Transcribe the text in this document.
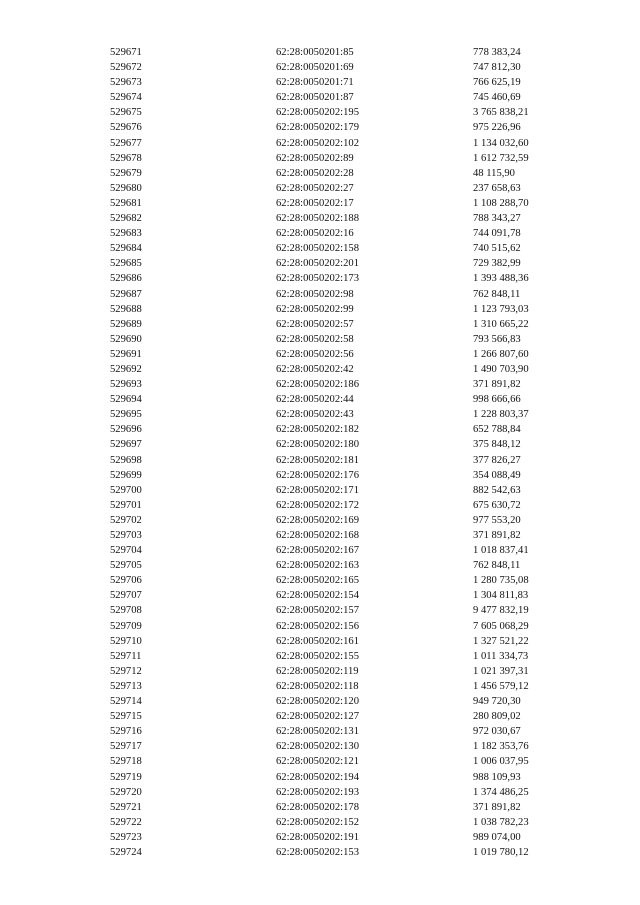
529671	62:28:0050201:85	778 383,24
529672	62:28:0050201:69	747 812,30
529673	62:28:0050201:71	766 625,19
529674	62:28:0050201:87	745 460,69
529675	62:28:0050202:195	3 765 838,21
529676	62:28:0050202:179	975 226,96
529677	62:28:0050202:102	1 134 032,60
529678	62:28:0050202:89	1 612 732,59
529679	62:28:0050202:28	48 115,90
529680	62:28:0050202:27	237 658,63
529681	62:28:0050202:17	1 108 288,70
529682	62:28:0050202:188	788 343,27
529683	62:28:0050202:16	744 091,78
529684	62:28:0050202:158	740 515,62
529685	62:28:0050202:201	729 382,99
529686	62:28:0050202:173	1 393 488,36
529687	62:28:0050202:98	762 848,11
529688	62:28:0050202:99	1 123 793,03
529689	62:28:0050202:57	1 310 665,22
529690	62:28:0050202:58	793 566,83
529691	62:28:0050202:56	1 266 807,60
529692	62:28:0050202:42	1 490 703,90
529693	62:28:0050202:186	371 891,82
529694	62:28:0050202:44	998 666,66
529695	62:28:0050202:43	1 228 803,37
529696	62:28:0050202:182	652 788,84
529697	62:28:0050202:180	375 848,12
529698	62:28:0050202:181	377 826,27
529699	62:28:0050202:176	354 088,49
529700	62:28:0050202:171	882 542,63
529701	62:28:0050202:172	675 630,72
529702	62:28:0050202:169	977 553,20
529703	62:28:0050202:168	371 891,82
529704	62:28:0050202:167	1 018 837,41
529705	62:28:0050202:163	762 848,11
529706	62:28:0050202:165	1 280 735,08
529707	62:28:0050202:154	1 304 811,83
529708	62:28:0050202:157	9 477 832,19
529709	62:28:0050202:156	7 605 068,29
529710	62:28:0050202:161	1 327 521,22
529711	62:28:0050202:155	1 011 334,73
529712	62:28:0050202:119	1 021 397,31
529713	62:28:0050202:118	1 456 579,12
529714	62:28:0050202:120	949 720,30
529715	62:28:0050202:127	280 809,02
529716	62:28:0050202:131	972 030,67
529717	62:28:0050202:130	1 182 353,76
529718	62:28:0050202:121	1 006 037,95
529719	62:28:0050202:194	988 109,93
529720	62:28:0050202:193	1 374 486,25
529721	62:28:0050202:178	371 891,82
529722	62:28:0050202:152	1 038 782,23
529723	62:28:0050202:191	989 074,00
529724	62:28:0050202:153	1 019 780,12
